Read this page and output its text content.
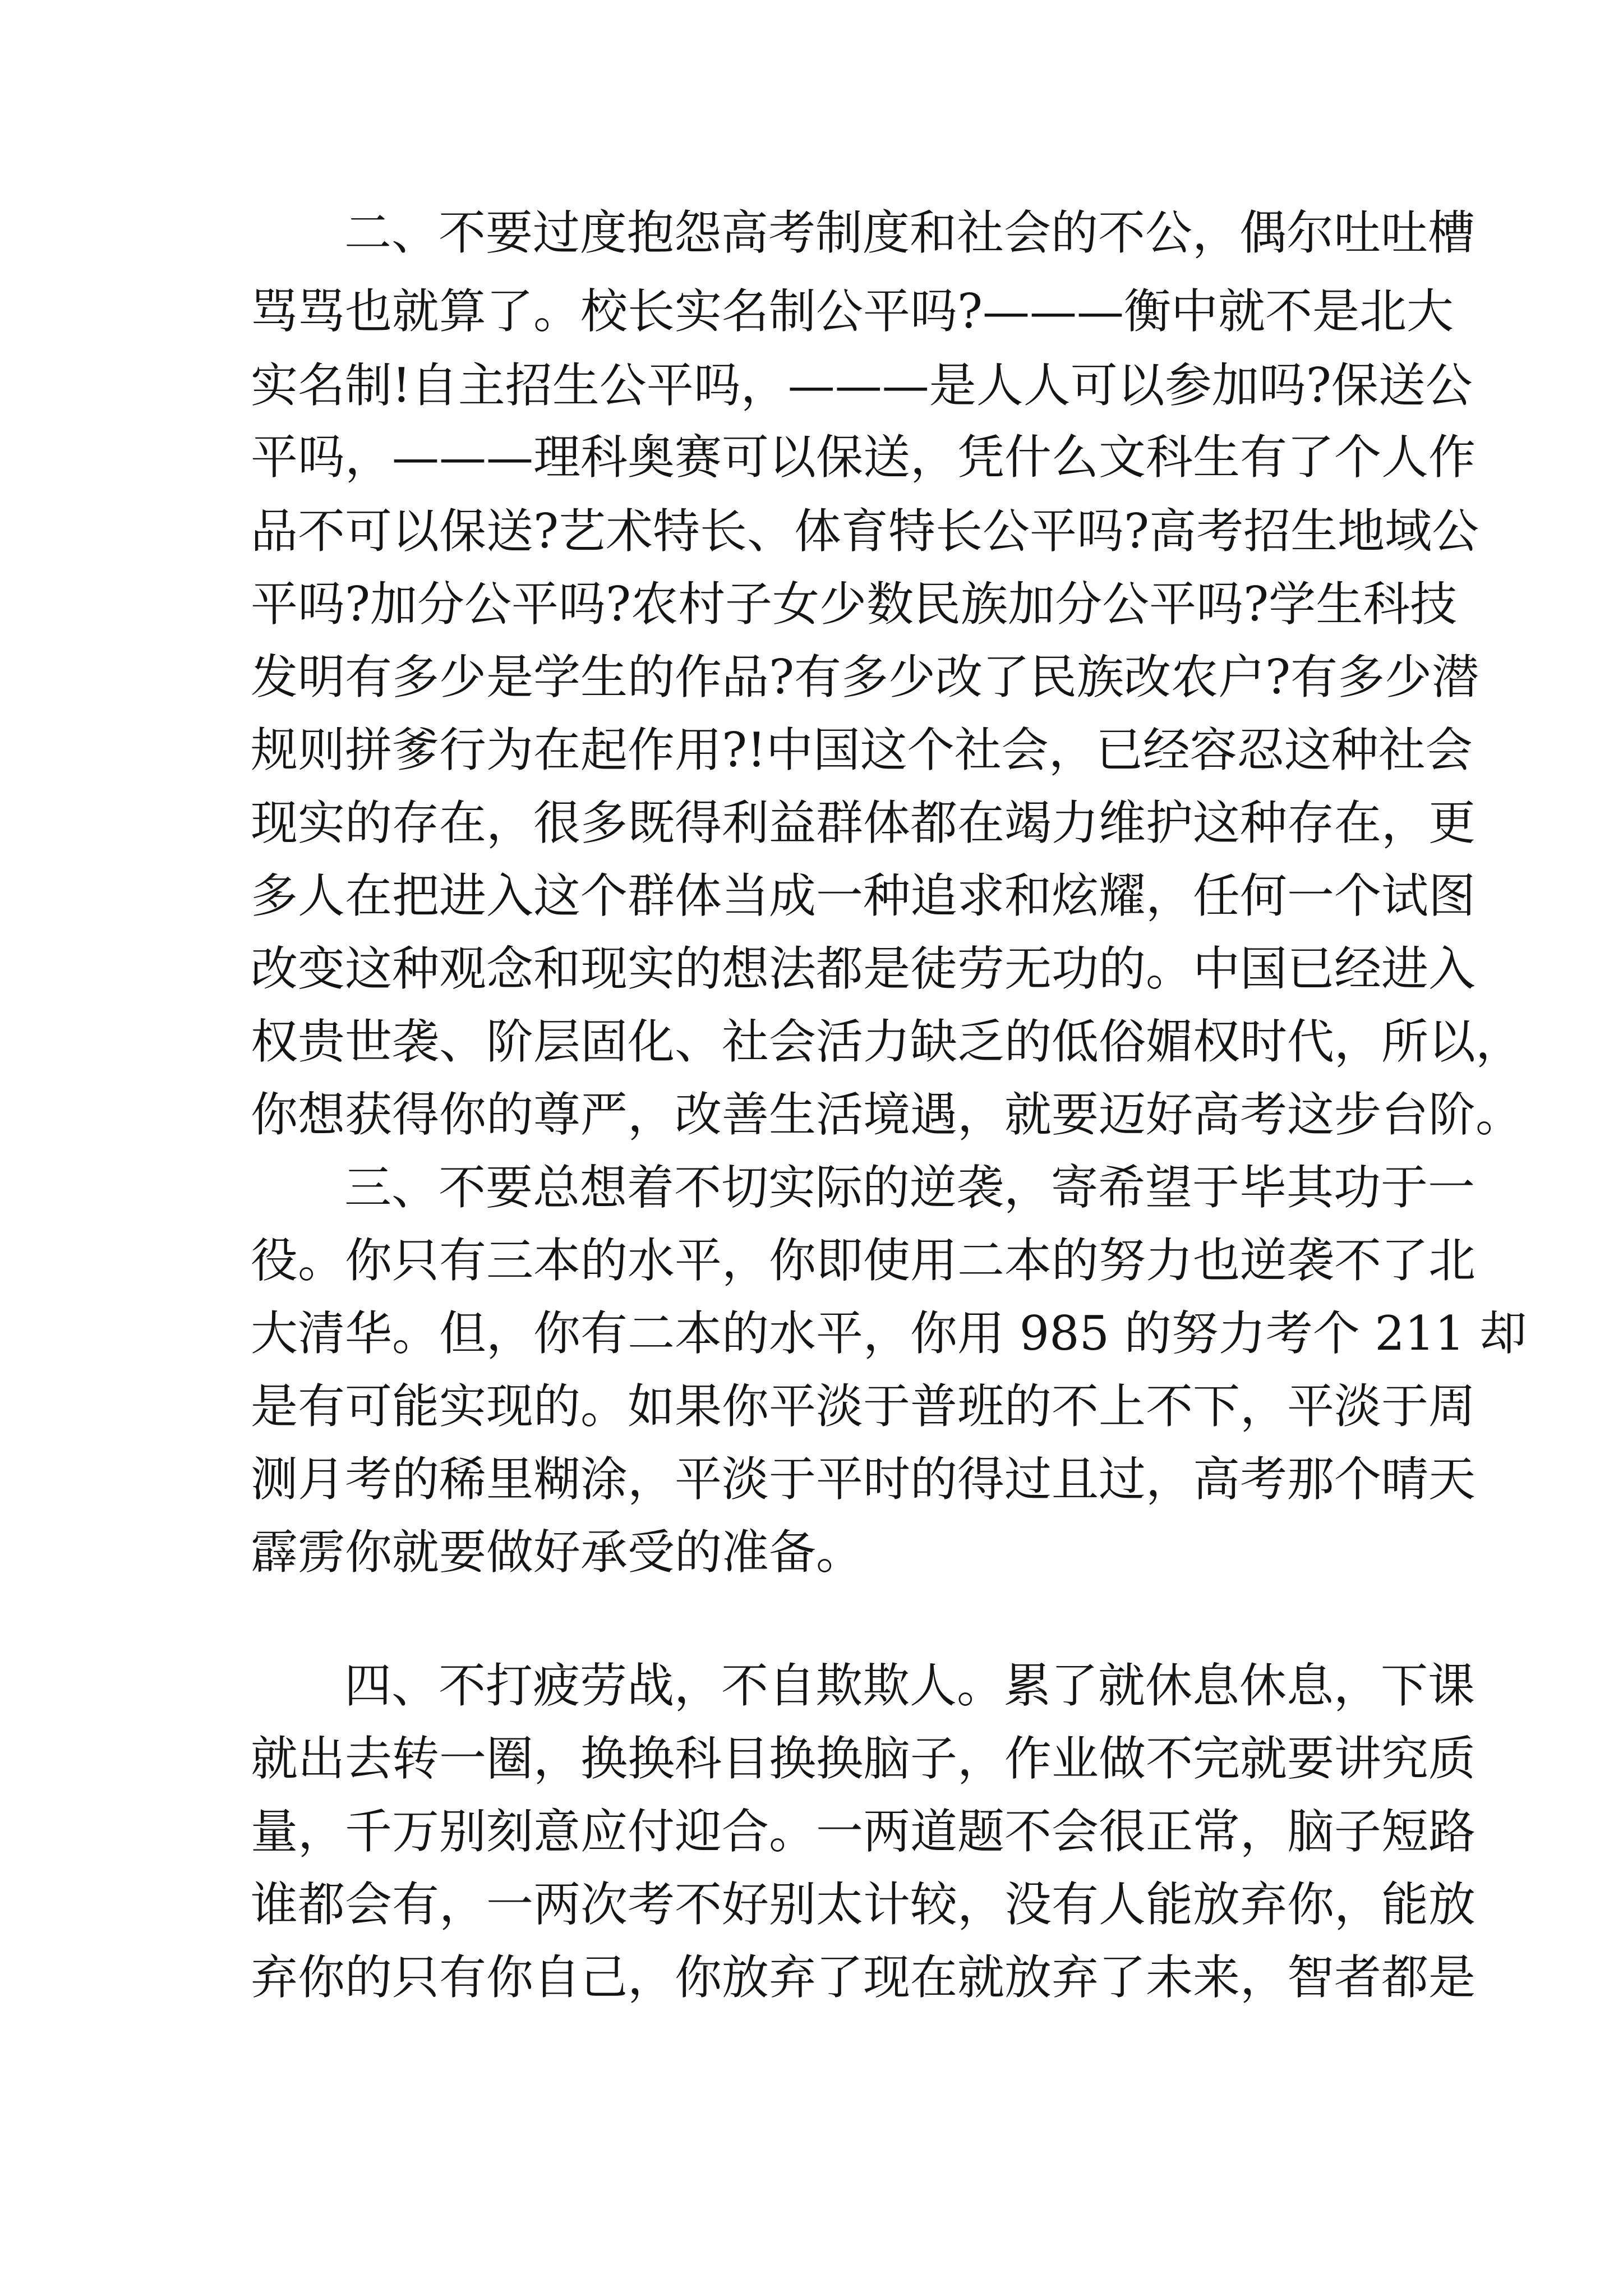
二、不要过度抱怨高考制度和社会的不公，偶尔吐吐槽
骂骂也就算了。校长实名制公平吗?———衡中就不是北大
实名制!自主招生公平吗，———是人人可以参加吗?保送公
平吗，———理科奥赛可以保送，凭什么文科生有了个人作
品不可以保送?艺术特长、体育特长公平吗?高考招生地域公
平吗?加分公平吗?农村子女少数民族加分公平吗?学生科技
发明有多少是学生的作品?有多少改了民族改农户?有多少潜
规则拼爹行为在起作用?!中国这个社会，已经容忍这种社会
现实的存在，很多既得利益群体都在竭力维护这种存在，更
多人在把进入这个群体当成一种追求和炫耀，任何一个试图
改变这种观念和现实的想法都是徒劳无功的。中国已经进入
权贵世袭、阶层固化、社会活力缺乏的低俗媚权时代，所以，
你想获得你的尊严，改善生活境遇，就要迈好高考这步台阶。
三、不要总想着不切实际的逆袭，寄希望于毕其功于一
役。你只有三本的水平，你即使用二本的努力也逆袭不了北
大清华。但，你有二本的水平，你用 985 的努力考个 211 却
是有可能实现的。如果你平淡于普班的不上不下，平淡于周
测月考的稀里糊涂，平淡于平时的得过且过，高考那个晴天
霹雳你就要做好承受的准备。
四、不打疲劳战，不自欺欺人。累了就休息休息，下课
就出去转一圈，换换科目换换脑子，作业做不完就要讲究质
量，千万别刻意应付迎合。一两道题不会很正常，脑子短路
谁都会有，一两次考不好别太计较，没有人能放弃你，能放
弃你的只有你自己，你放弃了现在就放弃了未来，智者都是
